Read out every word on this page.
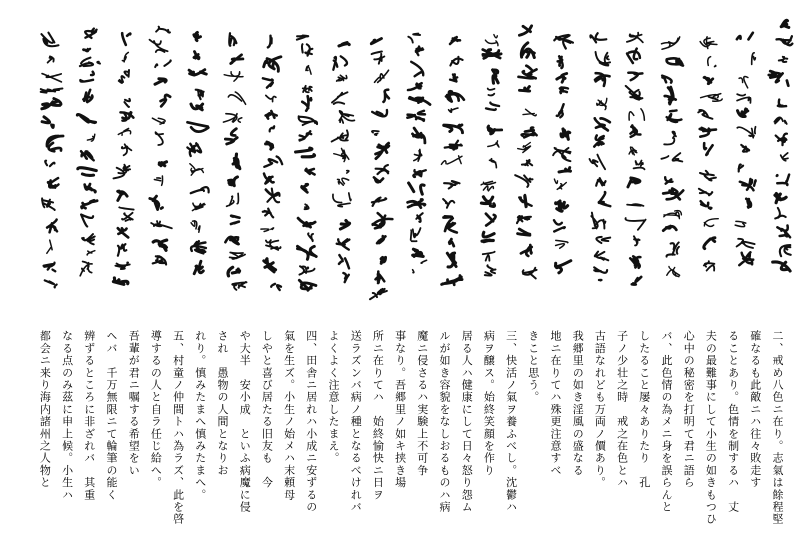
二、戒め八色ニ在り。志氣は餘程堅
確なるも此敵ニハ往々敗走す
ることあり。色情を制するハ　丈
夫の最難事にして小生の如きもつひ
心中の秘密を打明て君ニ語ら
バ、此色情の為メニ身を誤らんと
したること屡々ありたり　孔
子ノ少壮之時　戒之在色とハ
古語なれども万両ノ價あり。
我郷里の如き淫風の盛なる
地ニ在りてハ殊更注意すべ
きこと思う。
三、快活ノ氣ヲ養ふべし。沈鬱ハ
病ヲ醸ス。始終笑顔を作り
居る人ハ健康にして日々怒り怨ム
ルが如き容貌をなしおるものハ病
魔ニ侵さるハ実験上不可争
事なり。吾郷里ノ如キ挟き場
所ニ在りてハ　始終愉快ニ日ヲ
送ラズンバ病ノ種となるべけれバ
よくよく注意したまえ。
四、田舎ニ居れハ小成ニ安ずるの
氣を生ズ。小生ノ始メハ末頼母
しやと喜び居たる旧友も　今
や大半　安小成　といふ病魔に侵
され　愚物の人間となりお
れり。慎みたまへ慎みたまへ。
五、村童ノ仲間トハ為ラズ、此を啓
導するの人と自ラ任じ給へ。
吾輩が君ニ嘱する希望をい
ヘバ　千万無限ニて輪筆の能く
辨ずるところに非ざれバ　其重
なる点のみ茲に申上候。小生ハ
都会ニ来り海内諸州之人物と
